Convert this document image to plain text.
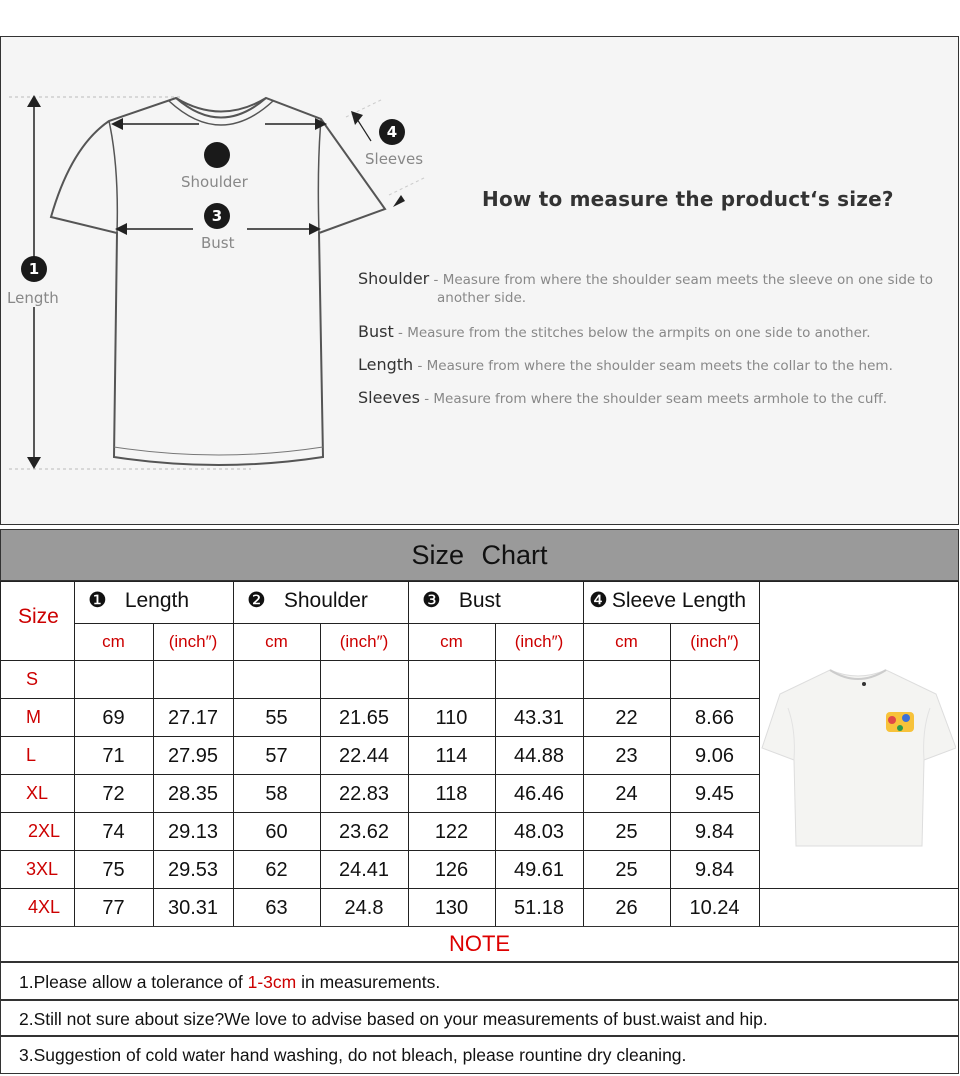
1
Length
Shoulder
3
Bust
4
Sleeves
How to measure the product‘s size?
Shoulder - Measure from where the shoulder seam meets the sleeve on one side to
another side.
Bust - Measure from the stitches below the armpits on one side to another.
Length - Measure from where the shoulder seam meets the collar to the hem.
Sleeves - Measure from where the shoulder seam meets armhole to the cuff.
Size Chart
Size
❶ Length
cm	(inch″)
❷ Shoulder
cm	(inch″)
❸ Bust
cm	(inch″)
❹ Sleeve Length
cm	(inch″)
S
M	69	27.17	55	21.65	110	43.31	22	8.66
L	71	27.95	57	22.44	114	44.88	23	9.06
XL	72	28.35	58	22.83	118	46.46	24	9.45
2XL	74	29.13	60	23.62	122	48.03	25	9.84
3XL	75	29.53	62	24.41	126	49.61	25	9.84
4XL	77	30.31	63	24.8	130	51.18	26	10.24
NOTE
1.Please allow a tolerance of 1-3cm in measurements.
2.Still not sure about size?We love to advise based on your measurements of bust.waist and hip.
3.Suggestion of cold water hand washing, do not bleach, please rountine dry cleaning.
